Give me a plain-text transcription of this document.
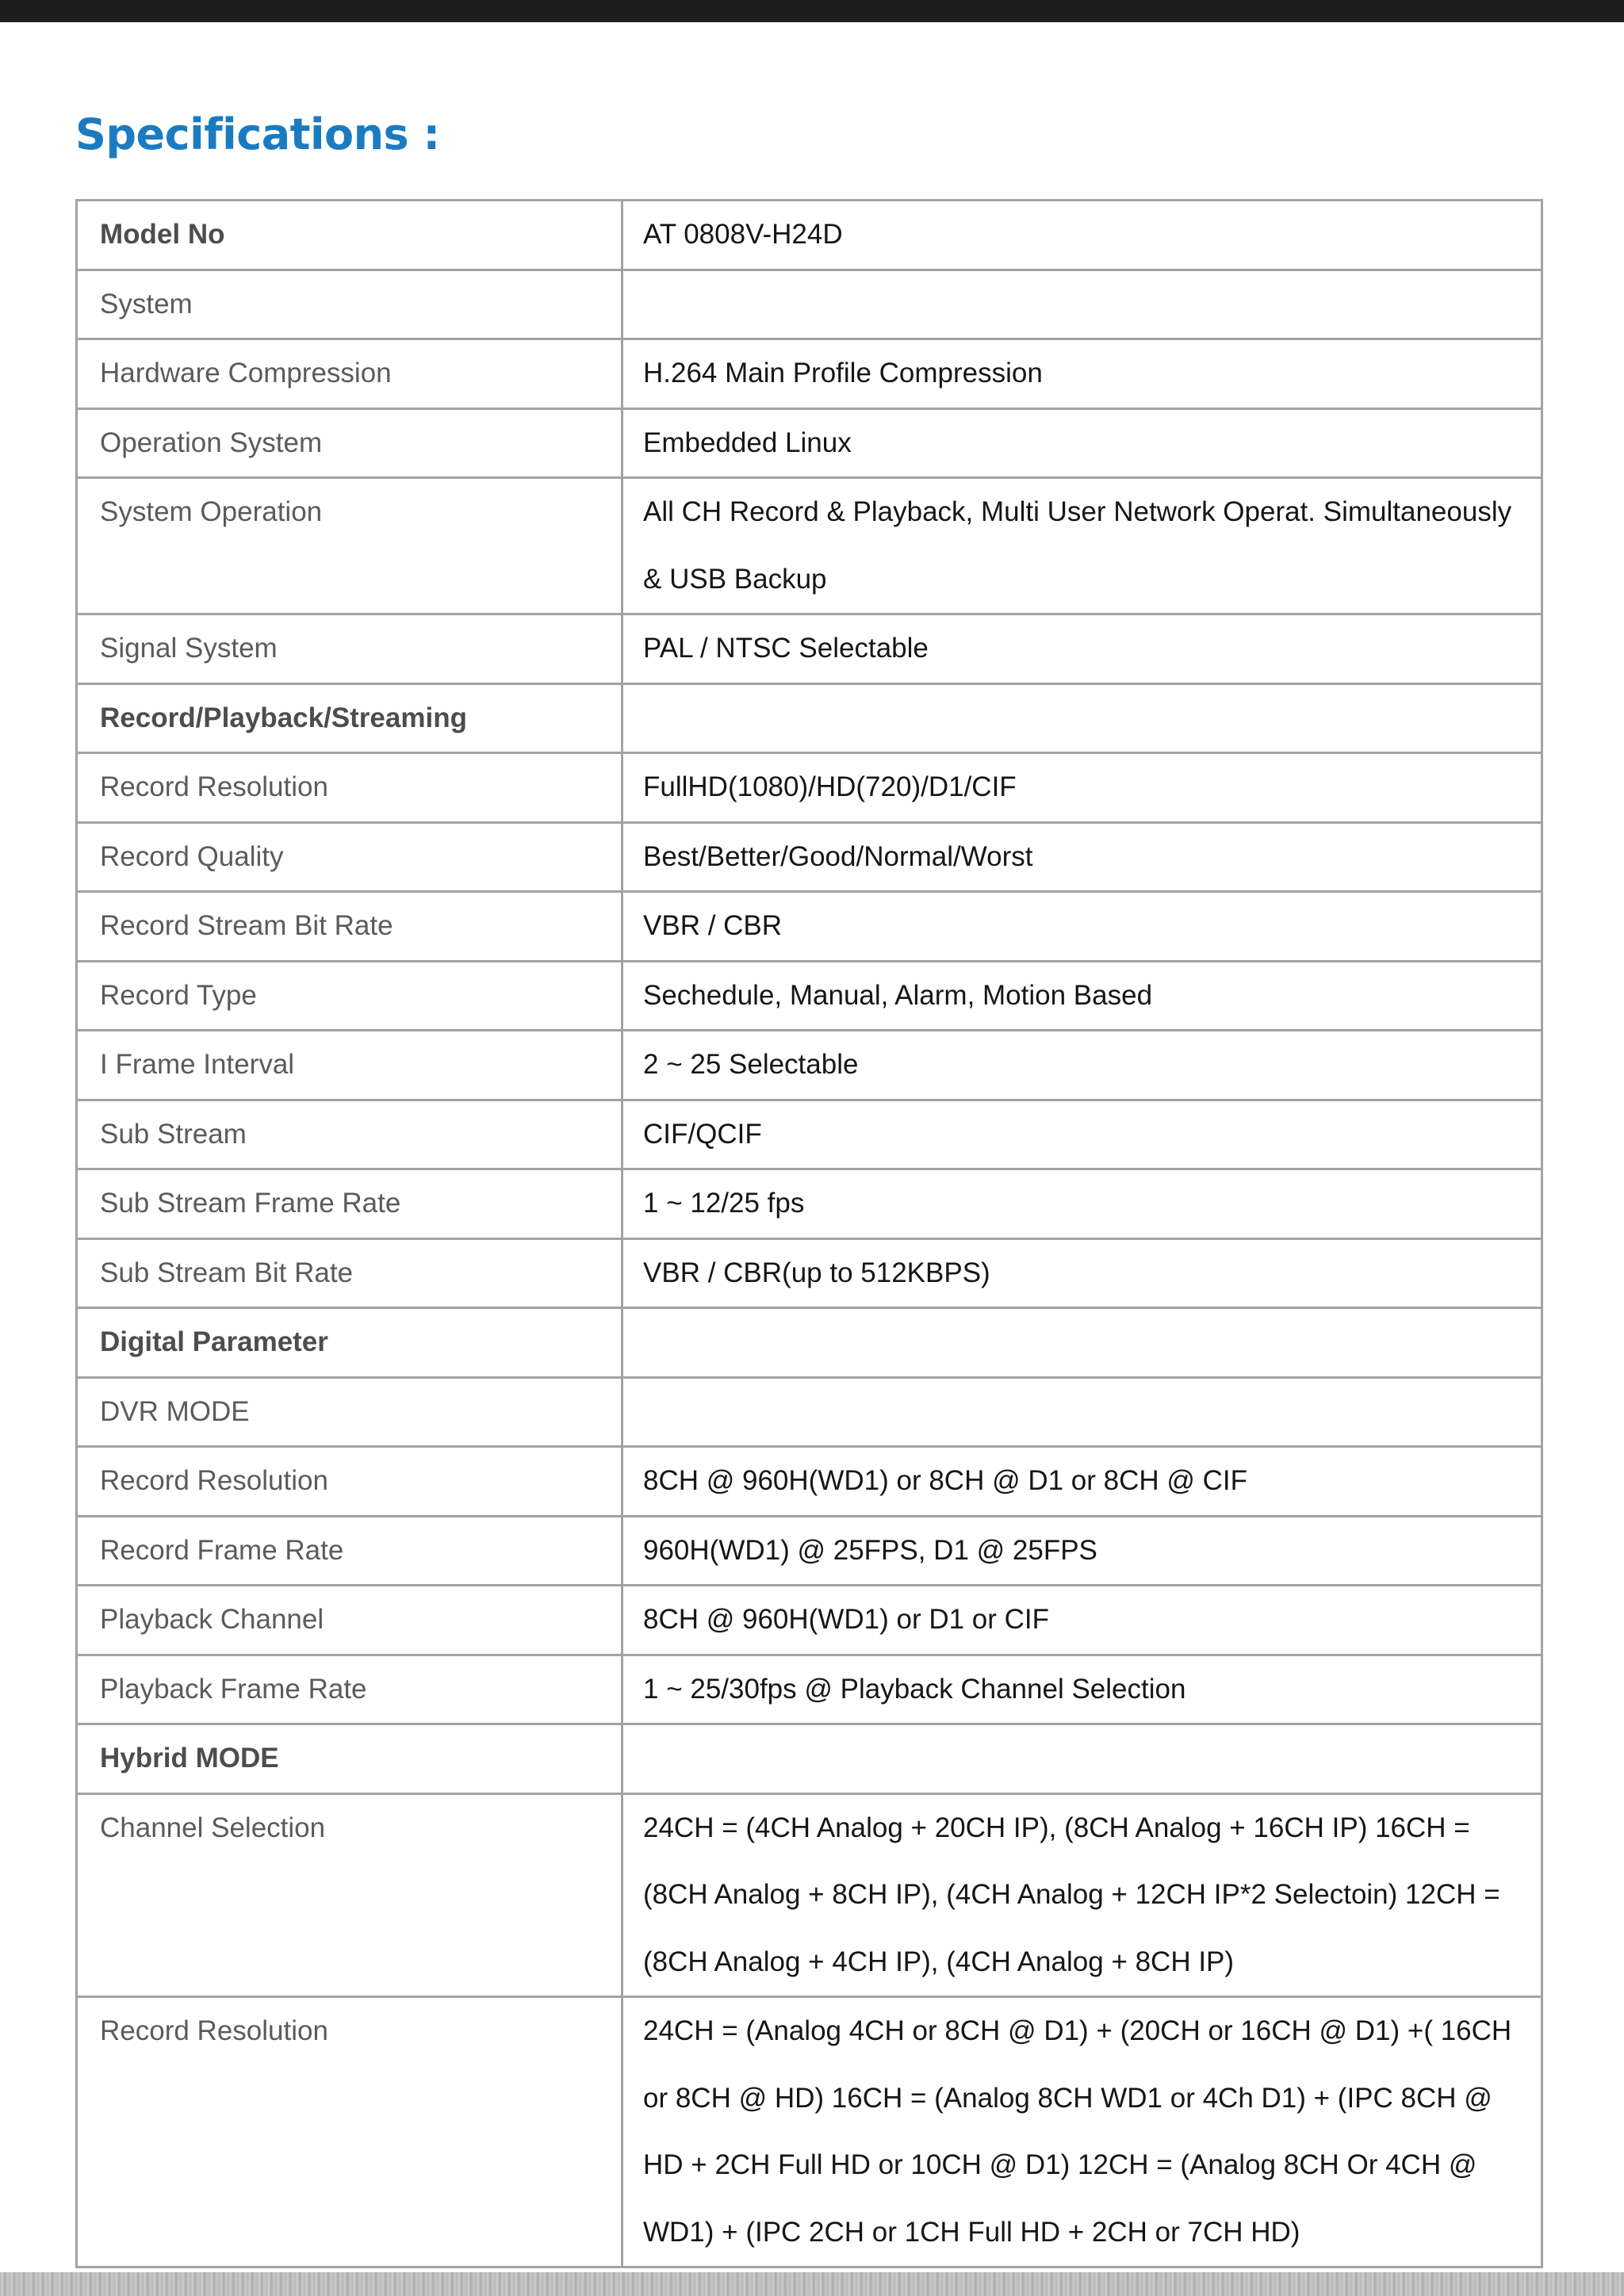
Specifications :
Model No	AT 0808V-H24D
System	
Hardware Compression	H.264 Main Profile Compression
Operation System	Embedded Linux
System Operation	All CH Record & Playback, Multi User Network Operat. Simultaneously & USB Backup
Signal System	PAL / NTSC Selectable
Record/Playback/Streaming	
Record Resolution	FullHD(1080)/HD(720)/D1/CIF
Record Quality	Best/Better/Good/Normal/Worst
Record Stream Bit Rate	VBR / CBR
Record Type	Sechedule, Manual, Alarm, Motion Based
I Frame Interval	2 ~ 25 Selectable
Sub Stream	CIF/QCIF
Sub Stream Frame Rate	1 ~ 12/25 fps
Sub Stream Bit Rate	VBR / CBR(up to 512KBPS)
Digital Parameter	
DVR MODE	
Record Resolution	8CH @ 960H(WD1) or 8CH @ D1 or 8CH @ CIF
Record Frame Rate	960H(WD1) @ 25FPS, D1 @ 25FPS
Playback Channel	8CH @ 960H(WD1) or D1 or CIF
Playback Frame Rate	1 ~ 25/30fps @ Playback Channel Selection
Hybrid MODE	
Channel Selection	24CH = (4CH Analog + 20CH IP), (8CH Analog + 16CH IP) 16CH = (8CH Analog + 8CH IP), (4CH Analog + 12CH IP*2 Selectoin) 12CH = (8CH Analog + 4CH IP), (4CH Analog + 8CH IP)
Record Resolution	24CH = (Analog 4CH or 8CH @ D1) + (20CH or 16CH @ D1) +( 16CH or 8CH @ HD) 16CH = (Analog 8CH WD1 or 4Ch D1) + (IPC 8CH @ HD + 2CH Full HD or 10CH @ D1) 12CH = (Analog 8CH Or 4CH @ WD1) + (IPC 2CH or 1CH Full HD + 2CH or 7CH HD)
